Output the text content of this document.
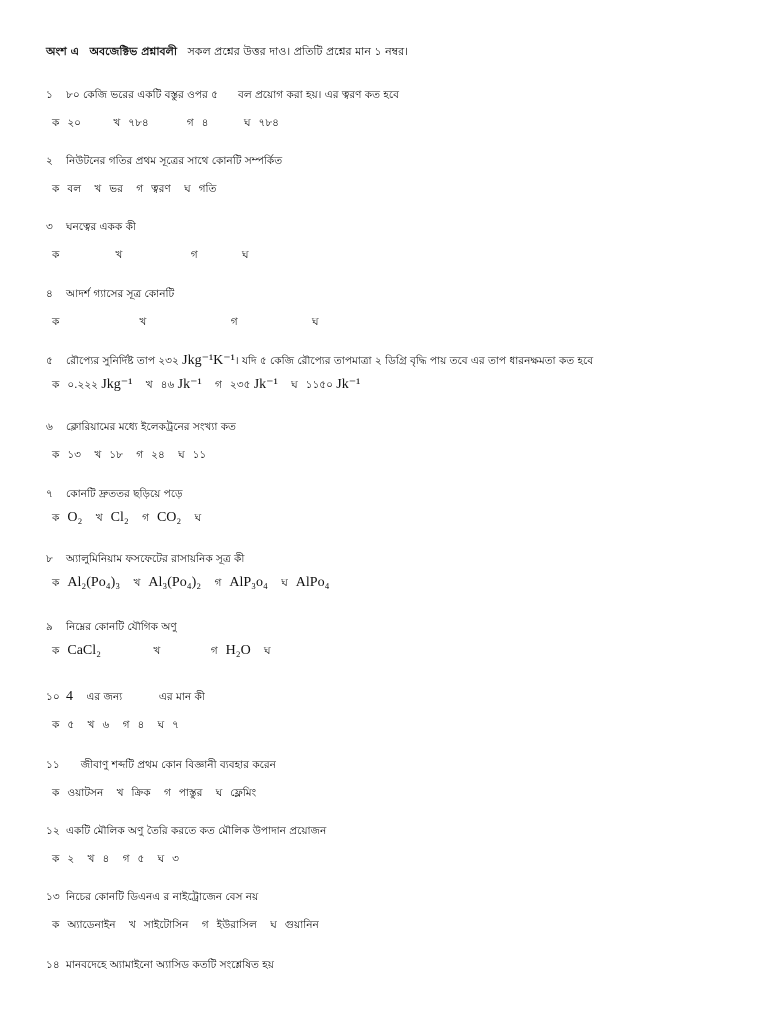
অংশ এ অবজেক্টিভ প্রশ্নাবলী সকল প্রশ্নের উত্তর দাও। প্রতিটি প্রশ্নের মান ১ নম্বর।
১ ৮০ কেজি ভরের একটি বস্তুর ওপর ৫ বল প্রয়োগ করা হয়। এর ত্বরণ কত হবে
ক ২০	খ ৭৮৪	গ ৪	ঘ ৭৮৪
২ নিউটনের গতির প্রথম সূত্রের সাথে কোনটি সম্পর্কিত
ক বল খ ভর গ ত্বরণ ঘ গতি
৩ ঘনত্বের একক কী
ক	খ	গ	ঘ
৪ আদর্শ গ্যাসের সূত্র কোনটি
ক	খ	গ	ঘ
৫ রৌপ্যের সুনির্দিষ্ট তাপ ২৩২ Jkg⁻¹K⁻¹। যদি ৫ কেজি রৌপ্যের তাপমাত্রা ২ ডিগ্রি বৃদ্ধি পায় তবে এর তাপ ধারনক্ষমতা কত হবে
ক ০.২২২ Jkg⁻¹ খ ৪৬ Jk⁻¹ গ ২৩৫ Jk⁻¹ ঘ ১১৫০ Jk⁻¹
৬ ক্লোরিয়ামের মধ্যে ইলেকট্রনের সংখ্যা কত
ক ১৩ খ ১৮ গ ২৪ ঘ ১১
৭ কোনটি দ্রুততর ছড়িয়ে পড়ে
ক O₂ খ Cl₂ গ CO₂ ঘ
৮ অ্যালুমিনিয়াম ফসফেটের রাসায়নিক সূত্র কী
ক Al₂(Po₄)₃ খ Al₃(Po₄)₂ গ AlP₃o₄ ঘ AlPo₄
৯ নিম্নের কোনটি যৌগিক অণু
ক CaCl₂	খ	গ H₂O ঘ
১০ 4 এর জন্য	এর মান কী
ক ৫ খ ৬ গ ৪ ঘ ৭
১১ জীবাণু শব্দটি প্রথম কোন বিজ্ঞানী ব্যবহার করেন
ক ওয়াটসন খ ক্রিক গ পাস্তুর ঘ ফ্লেমিং
১২ একটি মৌলিক অণু তৈরি করতে কত মৌলিক উপাদান প্রয়োজন
ক ২ খ ৪ গ ৫ ঘ ৩
১৩ নিচের কোনটি ডিএনএ র নাইট্রোজেন বেস নয়
ক অ্যাডেনাইন খ সাইটোসিন গ ইউরাসিল ঘ গুয়ানিন
১৪ মানবদেহে অ্যামাইনো অ্যাসিড কতটি সংশ্লেষিত হয়
